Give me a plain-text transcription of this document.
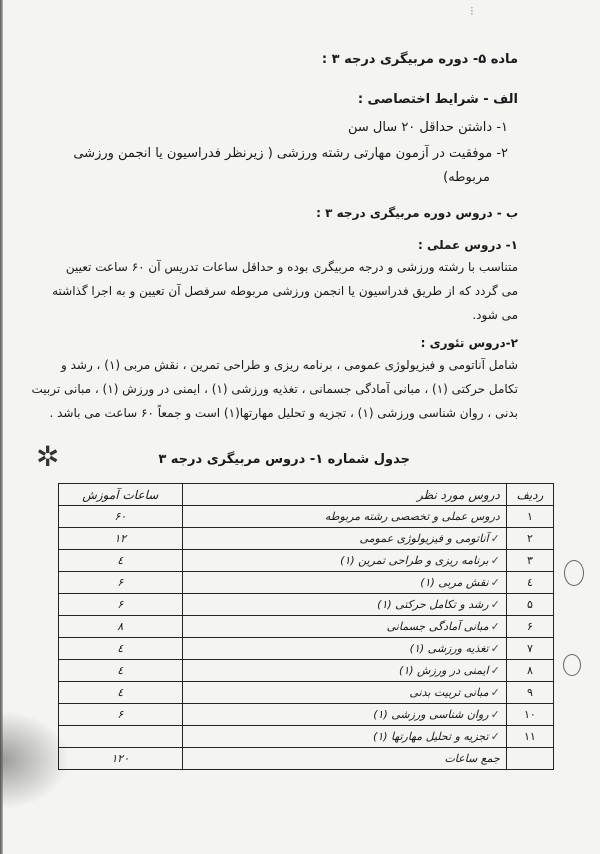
⁝
ماده ۵- دوره مربیگری درجه ۳ :
الف - شرایط اختصاصی :
۱- داشتن حداقل ۲۰ سال سن
۲- موفقیت در آزمون مهارتی رشته ورزشی ( زیرنظر فدراسیون یا انجمن ورزشی
مربوطه)
ب - دروس دوره مربیگری درجه ۳ :
۱- دروس عملی :
متناسب با رشته ورزشی و درجه مربیگری بوده و حداقل ساعات تدریس آن ۶۰ ساعت تعیین
می گردد که از طریق فدراسیون یا انجمن ورزشی مربوطه سرفصل آن تعیین و به اجرا گذاشته
می شود.
۲-دروس تئوری :
شامل آناتومی و فیزیولوژی عمومی ، برنامه ریزی و طراحی تمرین ، نقش مربی (۱) ، رشد و
تکامل حرکتی (۱) ، مبانی آمادگی جسمانی ، تغذیه ورزشی (۱) ، ایمنی در ورزش (۱) ، مبانی تربیت
بدنی ، روان شناسی ورزشی (۱) ، تجزیه و تحلیل مهارتها(۱) است و جمعاً ۶۰ ساعت می باشد .
✲	جدول شماره ۱- دروس مربیگری درجه ۳
ردیف	دروس مورد نظر	ساعات آموزش
۱	دروس عملی و تخصصی رشته مربوطه	۶۰
۲	✓آناتومی و فیزیولوژی عمومی	۱۲
۳	✓برنامه ریزی و طراحی تمرین (۱)	٤
٤	✓نقش مربی (۱)	۶
۵	✓رشد و تکامل حرکتی (۱)	۶
۶	✓مبانی آمادگی جسمانی	۸
۷	✓تغذیه ورزشی (۱)	٤
۸	✓ایمنی در ورزش (۱)	٤
۹	✓مبانی تربیت بدنی	٤
۱۰	✓روان شناسی ورزشی (۱)	۶
۱۱	✓تجزیه و تحلیل مهارتها (۱)	
	جمع ساعات	۱۲۰
